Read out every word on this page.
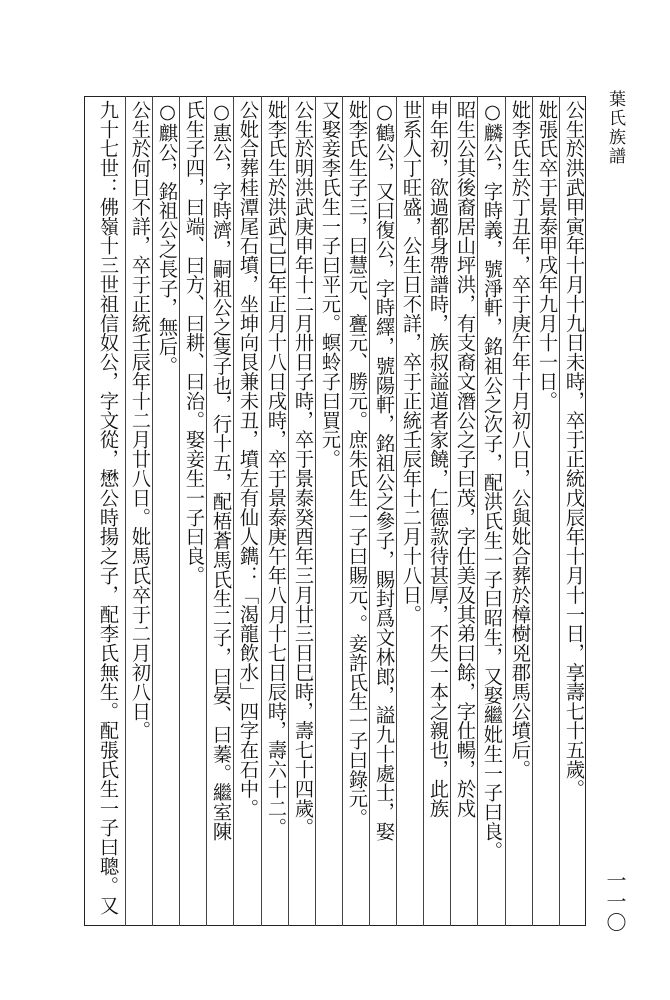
葉氏族譜
公生於洪武甲寅年十月十九日未時，卒于正統戊辰年十月十一日，享壽七十五歲。
妣張氏卒于景泰甲戌年九月十一日。
妣李氏生於丁丑年，卒于庚午年十月初八日，公與妣合葬於樟樹兇郡馬公墳后。
○麟公，字時義，號淨軒，銘祖公之次子，配洪氏生一子曰昭生，又娶繼妣生一子曰良。
昭生公其後裔居山坪洪，有支裔文潛公之子曰茂，字仕美及其弟曰餘，字仕暢，於戍
申年初，欲過都身帶譜時，族叔謚道者家饒，仁德款待甚厚，不失一本之親也，此族
世系人丁旺盛，公生日不詳，卒于正統壬辰年十二月十八日。
○鶴公，又曰復公，字時繹，號陽軒，銘祖公之參子，賜封爲文林郎，謚九十處士，娶
妣李氏生子三，曰慧元、亹元、勝元。庶朱氏生一子曰賜元、。妾許氏生一子曰錄元。
又娶妾李氏生一子曰平元。螟蛉子曰買元。
公生於明洪武庚申年十二月卅日子時，卒于景泰癸酉年三月廿三日巳時，壽七十四歲。
妣李氏生於洪武己巳年正月十八日戌時，卒于景泰庚午年八月十七日辰時，壽六十二。
公妣合葬桂潭尾石墳，坐坤向艮兼未丑，墳左有仙人鐫：「渴龍飲水」四字在石中。
○惠公，字時濟，嗣祖公之隻子也，行十五，配梧蒼馬氏生二子，曰晏、曰蓁。繼室陳
氏生子四，曰端、曰方、曰耕、曰治。娶妾生一子曰良。
○麒公，銘祖公之長子，無后。
公生於何日不詳，卒于正統壬辰年十二月廿八日。妣馬氏卒于二月初八日。
九十七世：佛嶺十三世祖信奴公，字文從，懋公時揚之子，配李氏無生。配張氏生一子曰聰。又	一一〇
